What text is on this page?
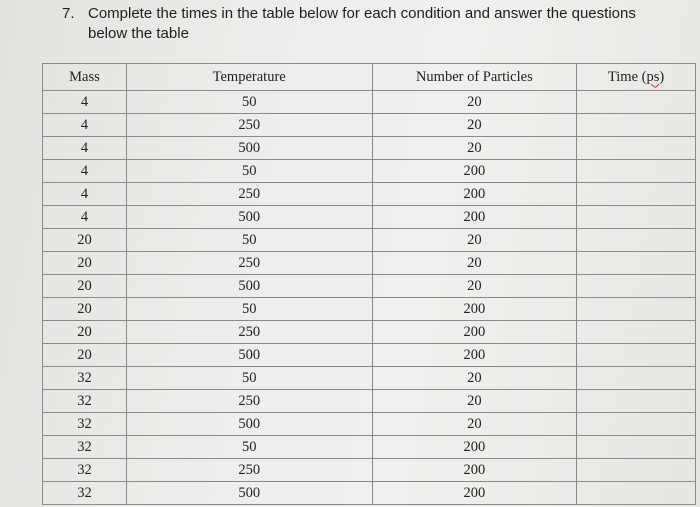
7. Complete the times in the table below for each condition and answer the questions
below the table
Mass	Temperature	Number of Particles	Time (ps)
4	50	20	
4	250	20	
4	500	20	
4	50	200	
4	250	200	
4	500	200	
20	50	20	
20	250	20	
20	500	20	
20	50	200	
20	250	200	
20	500	200	
32	50	20	
32	250	20	
32	500	20	
32	50	200	
32	250	200	
32	500	200	
